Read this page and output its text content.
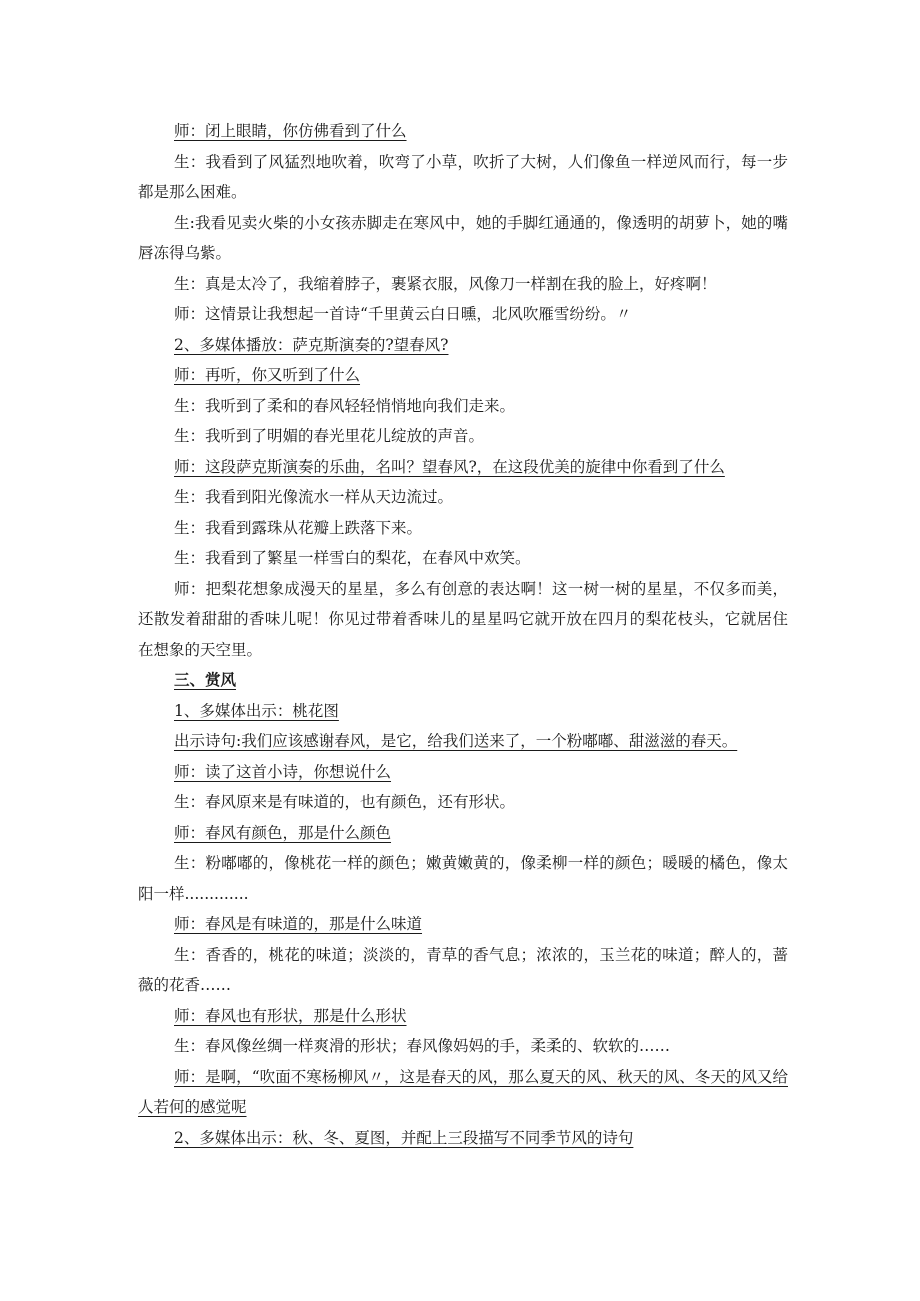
师：闭上眼睛，你仿佛看到了什么

生：我看到了风猛烈地吹着，吹弯了小草，吹折了大树，人们像鱼一样逆风而行，每一步都是那么困难。

生:我看见卖火柴的小女孩赤脚走在寒风中，她的手脚红通通的，像透明的胡萝卜，她的嘴唇冻得乌紫。

生：真是太冷了，我缩着脖子，裹紧衣服，风像刀一样割在我的脸上，好疼啊！

师：这情景让我想起一首诗“千里黄云白日曛，北风吹雁雪纷纷。〃

2、多媒体播放：萨克斯演奏的?望春风?

师：再听，你又听到了什么

生：我听到了柔和的春风轻轻悄悄地向我们走来。

生：我听到了明媚的春光里花儿绽放的声音。

师：这段萨克斯演奏的乐曲，名叫？望春风?，在这段优美的旋律中你看到了什么

生：我看到阳光像流水一样从天边流过。

生：我看到露珠从花瓣上跌落下来。

生：我看到了繁星一样雪白的梨花，在春风中欢笑。

师：把梨花想象成漫天的星星，多么有创意的表达啊！这一树一树的星星，不仅多而美，还散发着甜甜的香味儿呢！你见过带着香味儿的星星吗它就开放在四月的梨花枝头，它就居住在想象的天空里。

三、赏风

1、多媒体出示：桃花图

出示诗句:我们应该感谢春风，是它，给我们送来了，一个粉嘟嘟、甜滋滋的春天。

师：读了这首小诗，你想说什么

生：春风原来是有味道的，也有颜色，还有形状。

师：春风有颜色，那是什么颜色

生：粉嘟嘟的，像桃花一样的颜色；嫩黄嫩黄的，像柔柳一样的颜色；暖暖的橘色，像太阳一样.............

师：春风是有味道的，那是什么味道

生：香香的，桃花的味道；淡淡的，青草的香气息；浓浓的，玉兰花的味道；醉人的，蔷薇的花香……

师：春风也有形状，那是什么形状

生：春风像丝绸一样爽滑的形状；春风像妈妈的手，柔柔的、软软的……

师：是啊，“吹面不寒杨柳风〃，这是春天的风，那么夏天的风、秋天的风、冬天的风又给人若何的感觉呢

2、多媒体出示：秋、冬、夏图，并配上三段描写不同季节风的诗句
